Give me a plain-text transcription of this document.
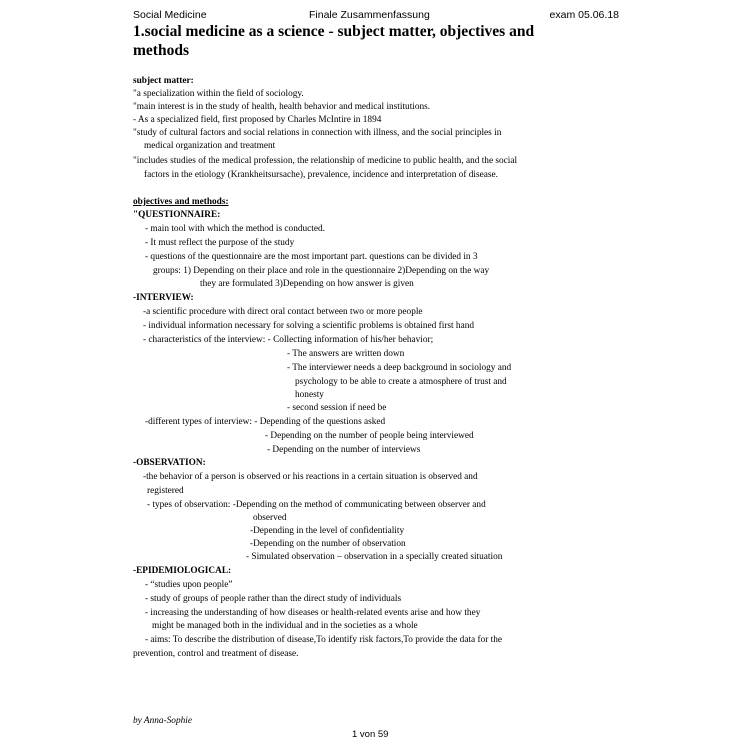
Social Medicine	Finale Zusammenfassung	exam 05.06.18
1.social medicine as a science - subject matter, objectives and methods
subject matter:
"a specialization within the field of sociology.
"main interest is in the study of health, health behavior and medical institutions.
- As a specialized field, first proposed by Charles McIntire in 1894
"study of cultural factors and social relations in connection with illness, and the social principles in
medical organization and treatment
"includes studies of the medical profession, the relationship of medicine to public health, and the social
factors in the etiology (Krankheitsursache), prevalence, incidence and interpretation of disease.
objectives and methods:
"QUESTIONNAIRE:
- main tool with which the method is conducted.
- It must reflect the purpose of the study
- questions of the questionnaire are the most important part. questions can be divided in 3
groups: 1) Depending on their place and role in the questionnaire 2)Depending on the way
they are formulated 3)Depending on how answer is given
-INTERVIEW:
-a scientific procedure with direct oral contact between two or more people
- individual information necessary for solving a scientific problems is obtained first hand
- characteristics of the interview: - Collecting information of his/her behavior;
- The answers are written down
- The interviewer needs a deep background in sociology and
psychology to be able to create a atmosphere of trust and
honesty
- second session if need be
-different types of interview: - Depending of the questions asked
- Depending on the number of people being interviewed
- Depending on the number of interviews
-OBSERVATION:
-the behavior of a person is observed or his reactions in a certain situation is observed and
registered
- types of observation: -Depending on the method of communicating between observer and
observed
-Depending in the level of confidentiality
-Depending on the number of observation
- Simulated observation – observation in a specially created situation
-EPIDEMIOLOGICAL:
- “studies upon people”
- study of groups of people rather than the direct study of individuals
- increasing the understanding of how diseases or health-related events arise and how they
might be managed both in the individual and in the societies as a whole
- aims: To describe the distribution of disease,To identify risk factors,To provide the data for the
prevention, control and treatment of disease.
by Anna-Sophie
1 von 59
